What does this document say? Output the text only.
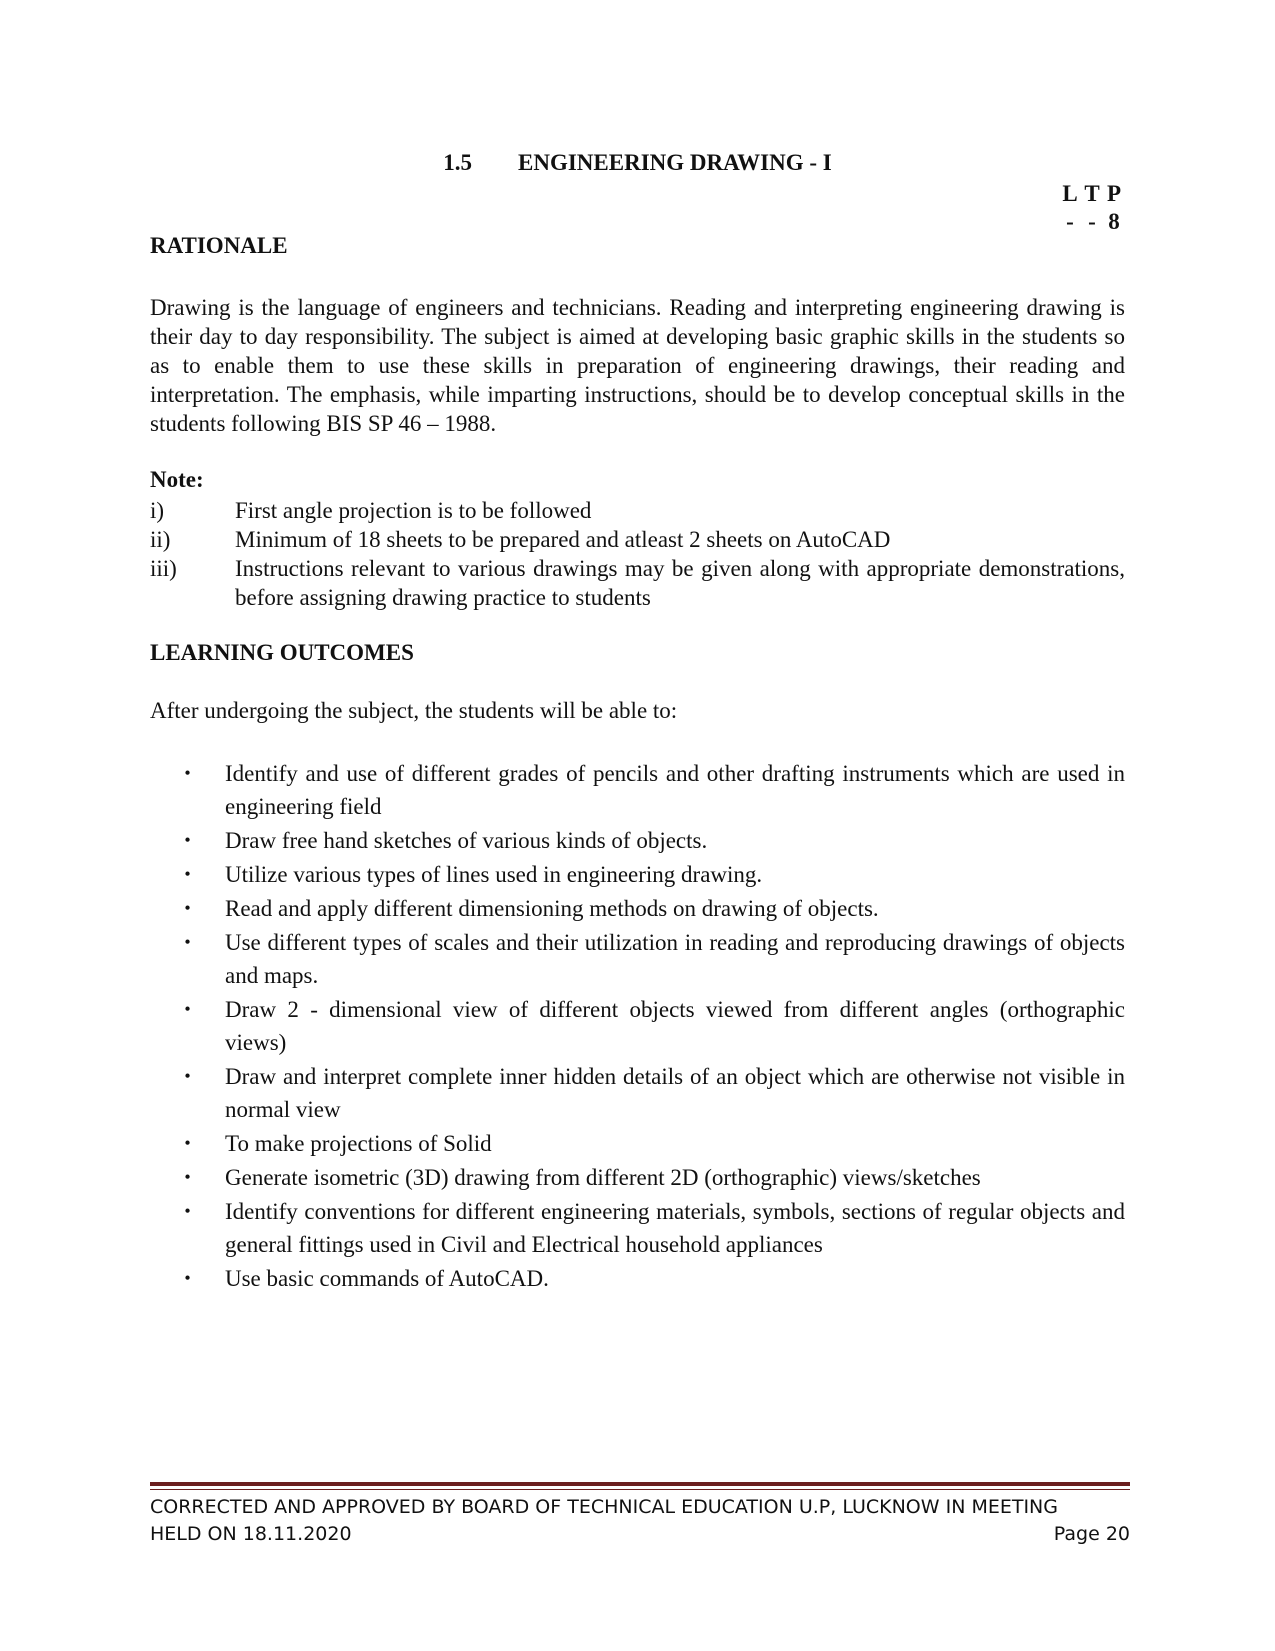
1.5 ENGINEERING DRAWING - I
L T P
- - 8
RATIONALE
Drawing is the language of engineers and technicians. Reading and interpreting engineering drawing is their day to day responsibility. The subject is aimed at developing basic graphic skills in the students so as to enable them to use these skills in preparation of engineering drawings, their reading and interpretation. The emphasis, while imparting instructions, should be to develop conceptual skills in the students following BIS SP 46 – 1988.
Note:
i)	First angle projection is to be followed
ii)	Minimum of 18 sheets to be prepared and atleast 2 sheets on AutoCAD
iii)	Instructions relevant to various drawings may be given along with appropriate demonstrations, before assigning drawing practice to students
LEARNING OUTCOMES
After undergoing the subject, the students will be able to:
•	Identify and use of different grades of pencils and other drafting instruments which are used in engineering field
•	Draw free hand sketches of various kinds of objects.
•	Utilize various types of lines used in engineering drawing.
•	Read and apply different dimensioning methods on drawing of objects.
•	Use different types of scales and their utilization in reading and reproducing drawings of objects and maps.
•	Draw 2 - dimensional view of different objects viewed from different angles (orthographic views)
•	Draw and interpret complete inner hidden details of an object which are otherwise not visible in normal view
•	To make projections of Solid
•	Generate isometric (3D) drawing from different 2D (orthographic) views/sketches
•	Identify conventions for different engineering materials, symbols, sections of regular objects and general fittings used in Civil and Electrical household appliances
•	Use basic commands of AutoCAD.
CORRECTED AND APPROVED BY BOARD OF TECHNICAL EDUCATION U.P, LUCKNOW IN MEETING
HELD ON 18.11.2020	Page 20
